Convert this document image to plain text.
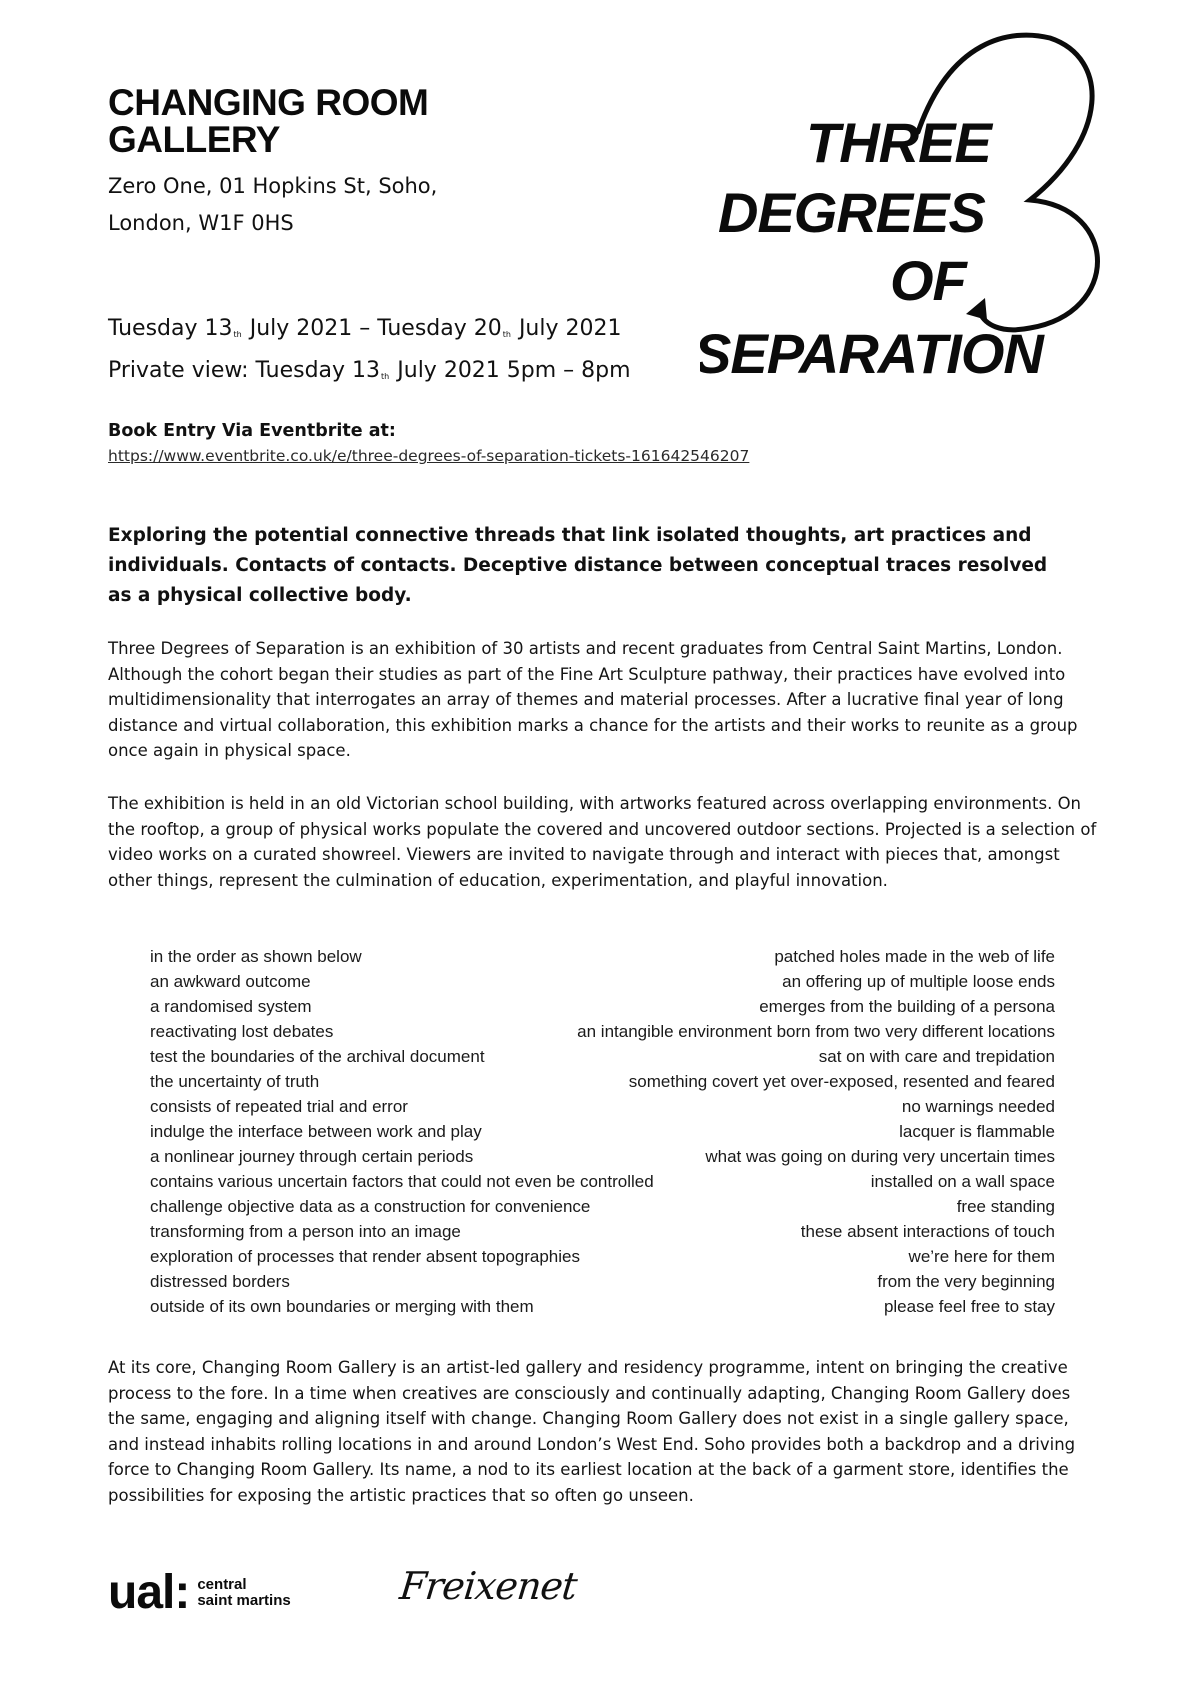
CHANGING ROOM
GALLERY
Zero One, 01 Hopkins St, Soho,
London, W1F 0HS
Tuesday 13th July 2021 – Tuesday 20th July 2021
Private view: Tuesday 13th July 2021 5pm – 8pm
THREE
DEGREES
OF
SEPARATION
Book Entry Via Eventbrite at:
https://www.eventbrite.co.uk/e/three-degrees-of-separation-tickets-161642546207
Exploring the potential connective threads that link isolated thoughts, art practices and individuals. Contacts of contacts. Deceptive distance between conceptual traces resolved as a physical collective body.
Three Degrees of Separation is an exhibition of 30 artists and recent graduates from Central Saint Martins, London. Although the cohort began their studies as part of the Fine Art Sculpture pathway, their practices have evolved into multidimensionality that interrogates an array of themes and material processes. After a lucrative final year of long distance and virtual collaboration, this exhibition marks a chance for the artists and their works to reunite as a group once again in physical space.
The exhibition is held in an old Victorian school building, with artworks featured across overlapping environments. On the rooftop, a group of physical works populate the covered and uncovered outdoor sections. Projected is a selection of video works on a curated showreel. Viewers are invited to navigate through and interact with pieces that, amongst other things, represent the culmination of education, experimentation, and playful innovation.
in the order as shown below	patched holes made in the web of life
an awkward outcome	an offering up of multiple loose ends
a randomised system	emerges from the building of a persona
reactivating lost debates	an intangible environment born from two very different locations
test the boundaries of the archival document	sat on with care and trepidation
the uncertainty of truth	something covert yet over-exposed, resented and feared
consists of repeated trial and error	no warnings needed
indulge the interface between work and play	lacquer is flammable
a nonlinear journey through certain periods	what was going on during very uncertain times
contains various uncertain factors that could not even be controlled	installed on a wall space
challenge objective data as a construction for convenience	free standing
transforming from a person into an image	these absent interactions of touch
exploration of processes that render absent topographies	we’re here for them
distressed borders	from the very beginning
outside of its own boundaries or merging with them	please feel free to stay
At its core, Changing Room Gallery is an artist-led gallery and residency programme, intent on bringing the creative process to the fore. In a time when creatives are consciously and continually adapting, Changing Room Gallery does the same, engaging and aligning itself with change. Changing Room Gallery does not exist in a single gallery space, and instead inhabits rolling locations in and around London’s West End. Soho provides both a backdrop and a driving force to Changing Room Gallery. Its name, a nod to its earliest location at the back of a garment store, identifies the possibilities for exposing the artistic practices that so often go unseen.
ual: central
saint martins	Freixenet
